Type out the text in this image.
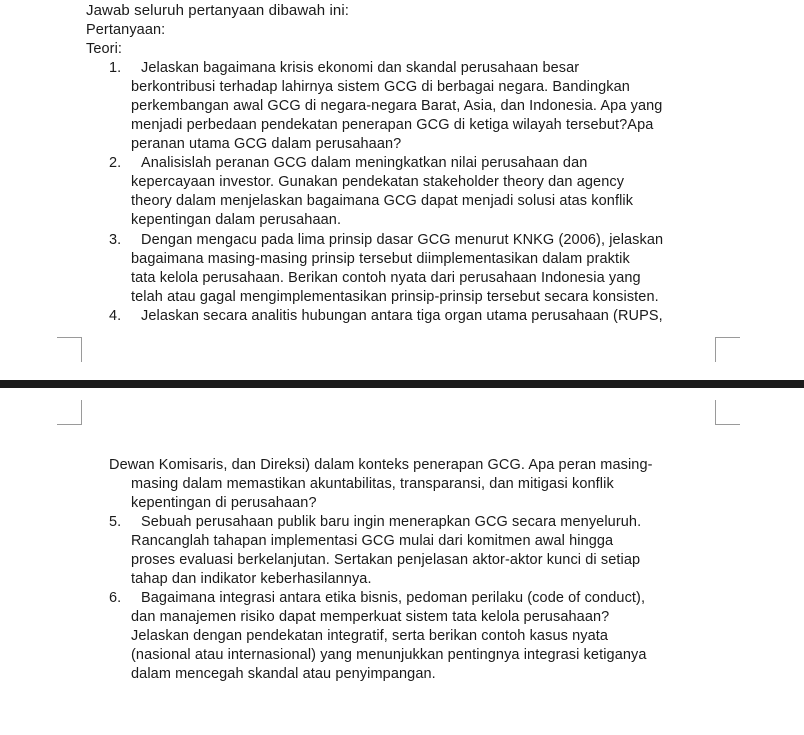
Jawab seluruh pertanyaan dibawah ini:
Pertanyaan:
Teori:
1. Jelaskan bagaimana krisis ekonomi dan skandal perusahaan besar
berkontribusi terhadap lahirnya sistem GCG di berbagai negara. Bandingkan
perkembangan awal GCG di negara-negara Barat, Asia, dan Indonesia. Apa yang
menjadi perbedaan pendekatan penerapan GCG di ketiga wilayah tersebut?Apa
peranan utama GCG dalam perusahaan?
2. Analisislah peranan GCG dalam meningkatkan nilai perusahaan dan
kepercayaan investor. Gunakan pendekatan stakeholder theory dan agency
theory dalam menjelaskan bagaimana GCG dapat menjadi solusi atas konflik
kepentingan dalam perusahaan.
3. Dengan mengacu pada lima prinsip dasar GCG menurut KNKG (2006), jelaskan
bagaimana masing-masing prinsip tersebut diimplementasikan dalam praktik
tata kelola perusahaan. Berikan contoh nyata dari perusahaan Indonesia yang
telah atau gagal mengimplementasikan prinsip-prinsip tersebut secara konsisten.
4. Jelaskan secara analitis hubungan antara tiga organ utama perusahaan (RUPS,
Dewan Komisaris, dan Direksi) dalam konteks penerapan GCG. Apa peran masing-
masing dalam memastikan akuntabilitas, transparansi, dan mitigasi konflik
kepentingan di perusahaan?
5. Sebuah perusahaan publik baru ingin menerapkan GCG secara menyeluruh.
Rancanglah tahapan implementasi GCG mulai dari komitmen awal hingga
proses evaluasi berkelanjutan. Sertakan penjelasan aktor-aktor kunci di setiap
tahap dan indikator keberhasilannya.
6. Bagaimana integrasi antara etika bisnis, pedoman perilaku (code of conduct),
dan manajemen risiko dapat memperkuat sistem tata kelola perusahaan?
Jelaskan dengan pendekatan integratif, serta berikan contoh kasus nyata
(nasional atau internasional) yang menunjukkan pentingnya integrasi ketiganya
dalam mencegah skandal atau penyimpangan.
